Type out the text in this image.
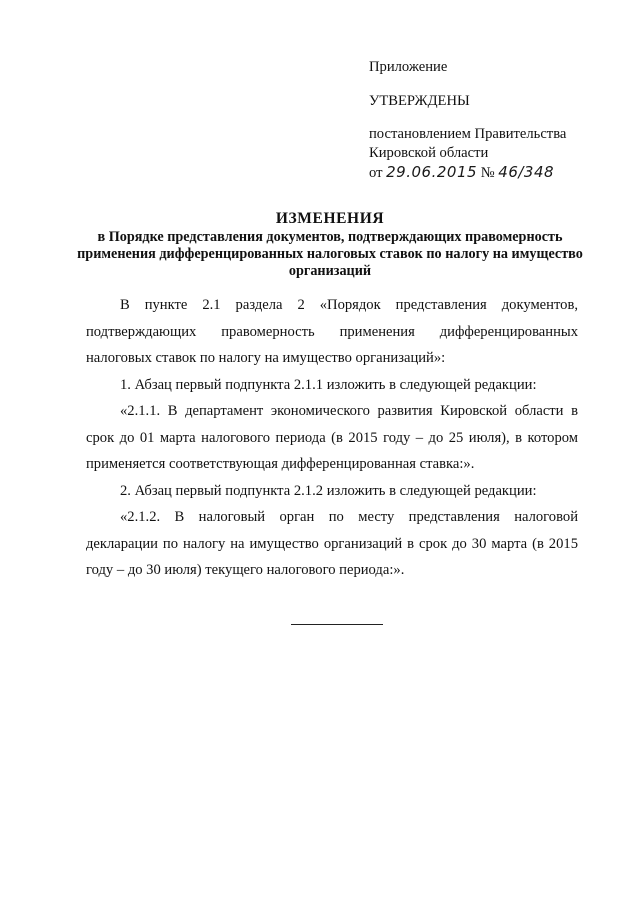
Приложение
УТВЕРЖДЕНЫ
постановлением Правительства
Кировской области
от 29.06.2015 № 46/348
ИЗМЕНЕНИЯ
в Порядке представления документов, подтверждающих правомерность применения дифференцированных налоговых ставок по налогу на имущество организаций

В пункте 2.1 раздела 2 «Порядок представления документов, подтверждающих правомерность применения дифференцированных налоговых ставок по налогу на имущество организаций»:

1. Абзац первый подпункта 2.1.1 изложить в следующей редакции:

«2.1.1. В департамент экономического развития Кировской области в срок до 01 марта налогового периода (в 2015 году – до 25 июля), в котором применяется соответствующая дифференцированная ставка:».

2. Абзац первый подпункта 2.1.2 изложить в следующей редакции:

«2.1.2. В налоговый орган по месту представления налоговой декларации по налогу на имущество организаций в срок до 30 марта (в 2015 году – до 30 июля) текущего налогового периода:».
